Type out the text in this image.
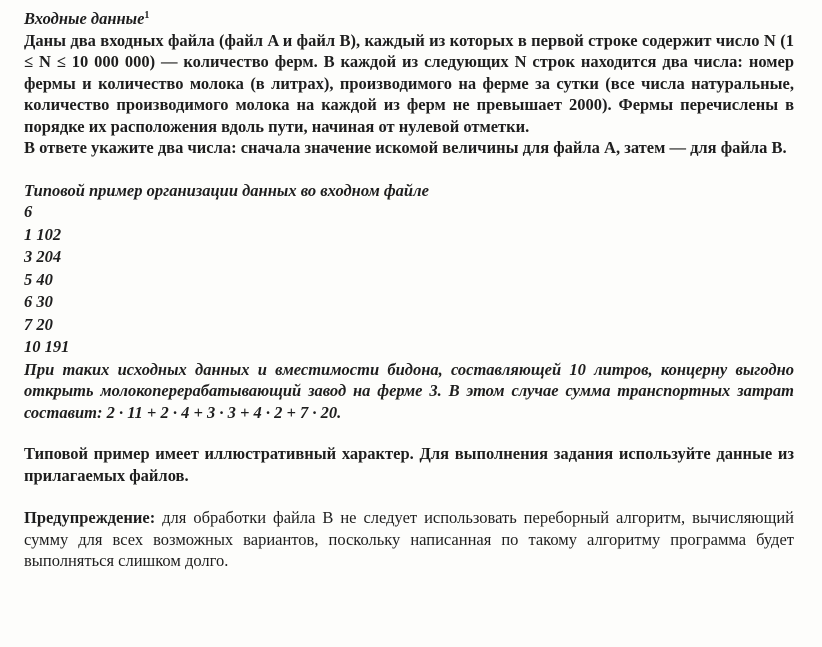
Входные данные$^1$

Даны два входных файла (файл A и файл B), каждый из которых в первой строке содержит число N (1 ≤ N ≤ 10 000 000) — количество ферм. В каждой из следующих N строк находится два числа: номер фермы и количество молока (в литрах), производимого на ферме за сутки (все числа натуральные, количество производимого молока на каждой из ферм не превышает 2000). Фермы перечислены в порядке их расположения вдоль пути, начиная от нулевой отметки.

В ответе укажите два числа: сначала значение искомой величины для файла A, затем — для файла B.

Типовой пример организации данных во входном файле
6
1 102
3 204
5 40
6 30
7 20
10 191
При таких исходных данных и вместимости бидона, составляющей 10 литров, концерну выгодно открыть молокоперерабатывающий завод на ферме 3. В этом случае сумма транспортных затрат составит: 2 · 11 + 2 · 4 + 3 · 3 + 4 · 2 + 7 · 20.
Типовой пример имеет иллюстративный характер. Для выполнения задания используйте данные из прилагаемых файлов.
Предупреждение: для обработки файла B не следует использовать переборный алгоритм, вычисляющий сумму для всех возможных вариантов, поскольку написанная по такому алгоритму программа будет выполняться слишком долго.
